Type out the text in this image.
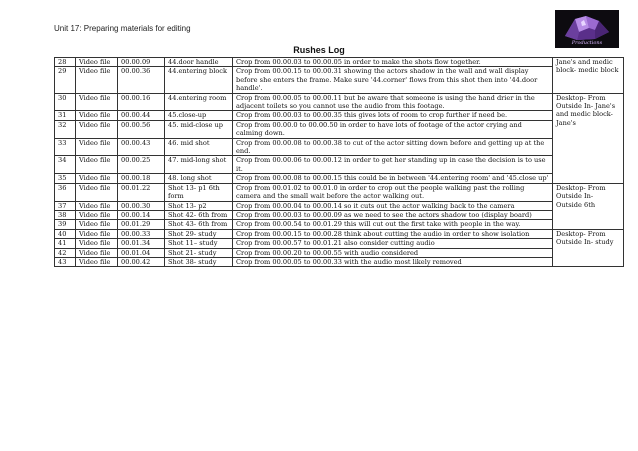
Unit 17: Preparing materials for editing
Productions
Rushes Log
28	Video file	00.00.09	44.door handle	Crop from 00.00.03 to 00.00.05 in order to make the shots flow together.	Jane's and medic block- medic block
29	Video file	00.00.36	44.entering block	Crop from 00.00.15 to 00.00.31 showing the actors shadow in the wall and wall display before she enters the frame. Make sure '44.corner' flows from this shot then into '44.door handle'.	
30	Video file	00.00.16	44.entering room	Crop from 00.00.05 to 00.00.11 but be aware that someone is using the hand drier in the adjacent toilets so you cannot use the audio from this footage.	Desktop- From Outside In- Jane's and medic block- Jane's
31	Video file	00.00.44	45.close-up	Crop from 00.00.03 to 00.00.35 this gives lots of room to crop further if need be.	
32	Video file	00.00.56	45. mid-close up	Crop from 00.00.0 to 00.00.50 in order to have lots of footage of the actor crying and calming down.	
33	Video file	00.00.43	46. mid shot	Crop from 00.00.08 to 00.00.38 to cut of the actor sitting down before and getting up at the end.	
34	Video file	00.00.25	47. mid-long shot	Crop from 00.00.06 to 00.00.12 in order to get her standing up in case the decision is to use it.	
35	Video file	00.00.18	48. long shot	Crop from 00.00.08 to 00.00.15 this could be in between '44.entering room' and '45.close up'	
36	Video file	00.01.22	Shot 13- p1 6th form	Crop from 00.01.02 to 00.01.0 in order to crop out the people walking past the rolling camera and the small wait before the actor walking out.	Desktop- From Outside In- Outside 6th
37	Video file	00.00.30	Shot 13- p2	Crop from 00.00.04 to 00.00.14 so it cuts out the actor walking back to the camera	
38	Video file	00.00.14	Shot 42- 6th from	Crop from 00.00.03 to 00.00.09 as we need to see the actors shadow too (display board)	
39	Video file	00.01.29	Shot 43- 6th from	Crop from 00.00.54 to 00.01.29 this will cut out the first take with people in the way.	
40	Video file	00.00.33	Shot 29- study	Crop from 00.00.15 to 00.00.28 think about cutting the audio in order to show isolation	Desktop- From Outside In- study
41	Video file	00.01.34	Shot 11– study	Crop from 00.00.57 to 00.01.21 also consider cutting audio	
42	Video file	00.01.04	Shot 21- study	Crop from 00.00.20 to 00.00.55 with audio considered	
43	Video file	00.00.42	Shot 38- study	Crop from 00.00.05 to 00.00.33 with the audio most likely removed	
